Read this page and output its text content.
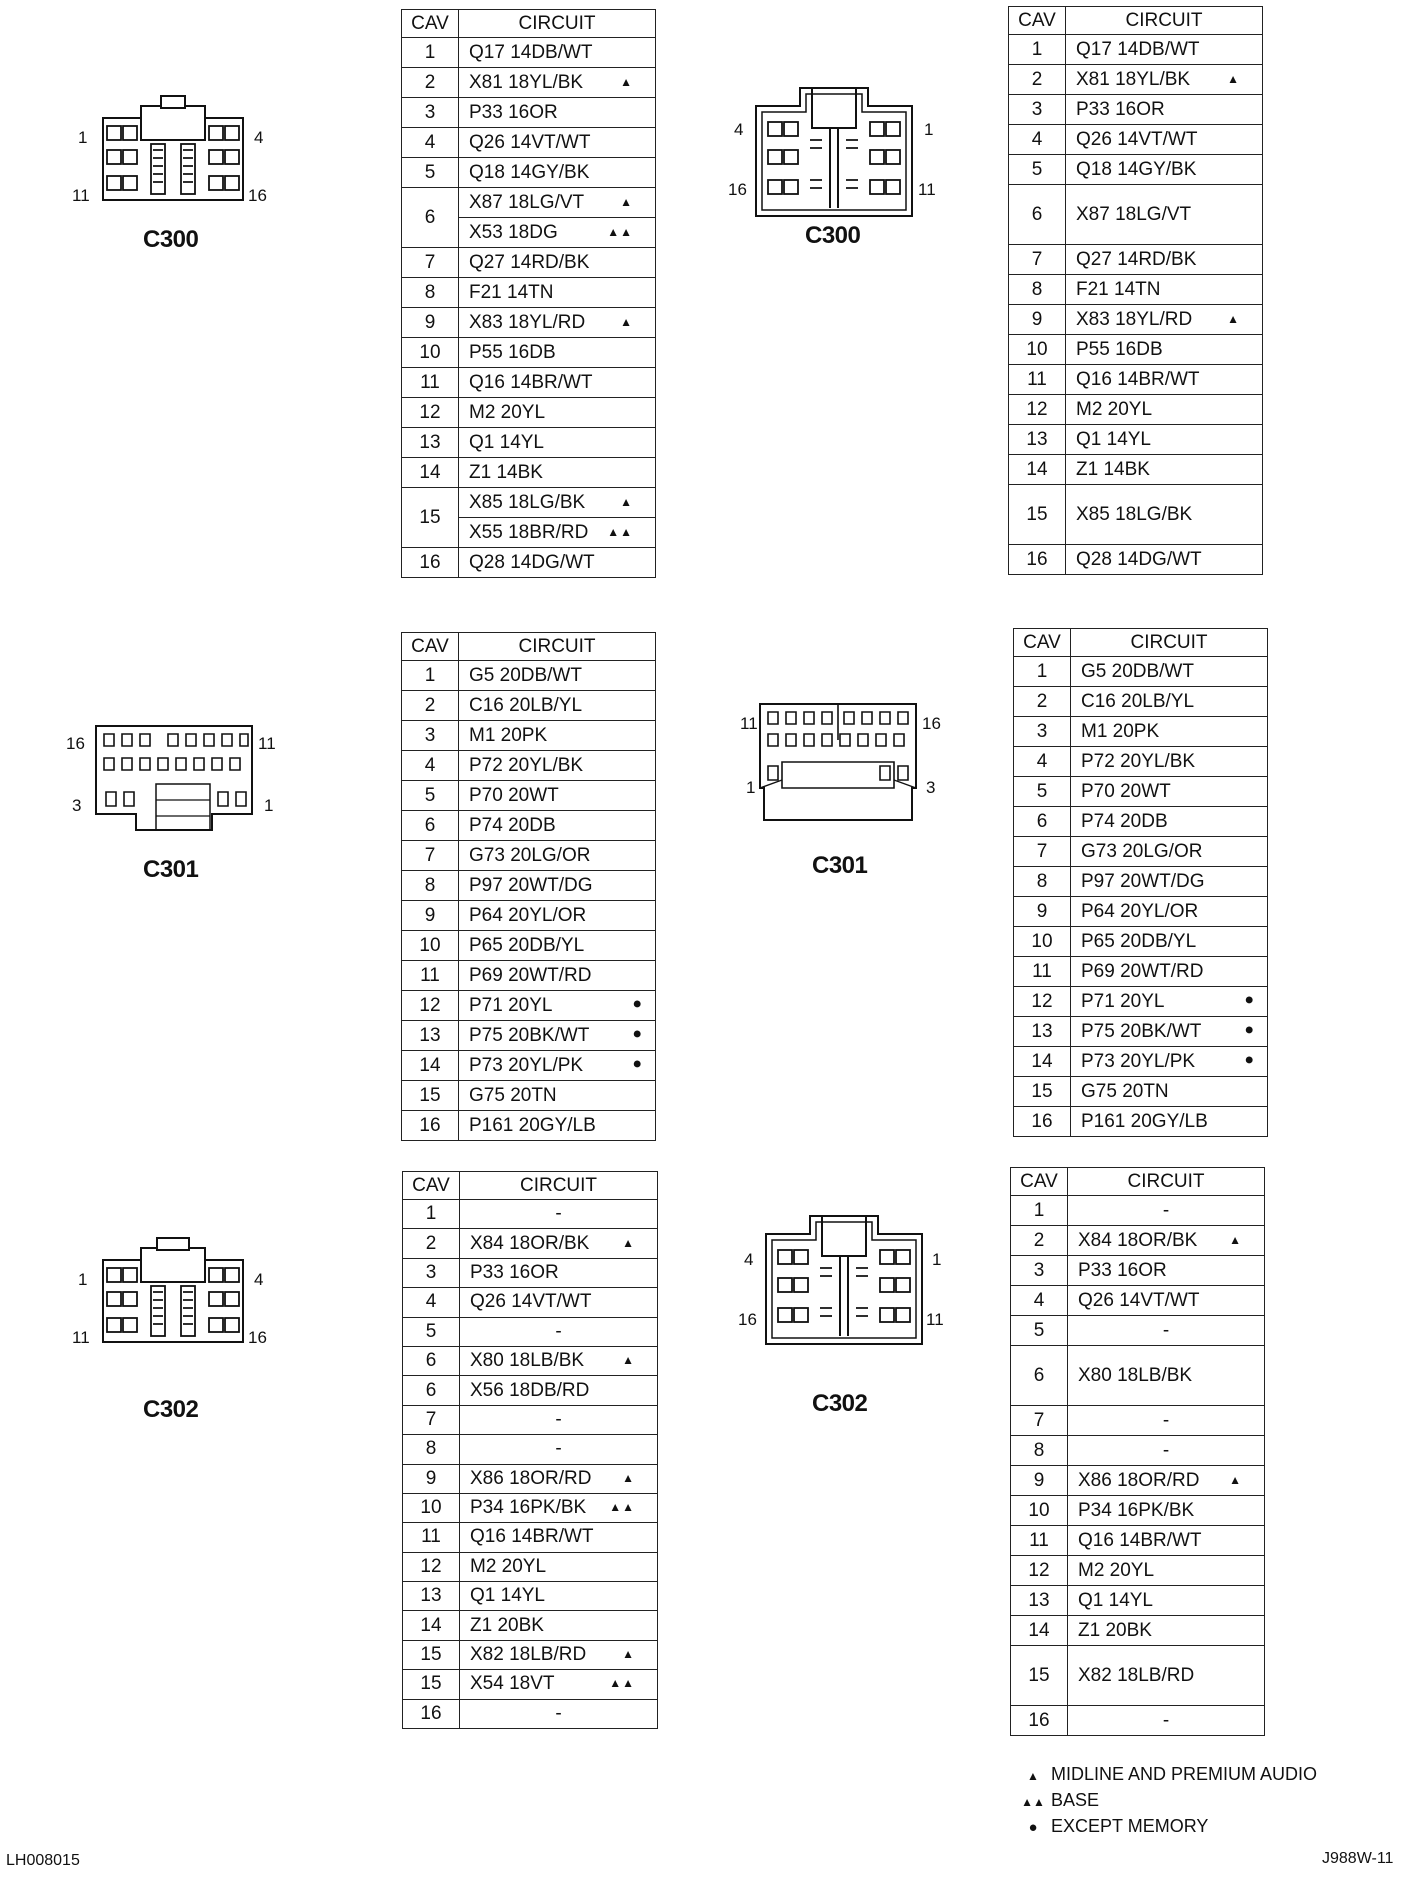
1	4
11	16
C300
4	1
16	11
C300
16	11
3	1
C301
11	16
1	3
C301
1	4
11	16
C302
4	1
16	11
C302
CAV	CIRCUIT
1	Q17 14DB/WT
2	X81 18YL/BK ▲

3	P33 16OR
4	Q26 14VT/WT
5	Q18 14GY/BK
6	X87 18LG/VT ▲

	X53 18DG ▲▲

7	Q27 14RD/BK
8	F21 14TN
9	X83 18YL/RD ▲

10	P55 16DB
11	Q16 14BR/WT
12	M2 20YL
13	Q1 14YL
14	Z1 14BK
15	X85 18LG/BK ▲

	X55 18BR/RD ▲▲

16	Q28 14DG/WT
CAV	CIRCUIT
1	Q17 14DB/WT
2	X81 18YL/BK ▲

3	P33 16OR
4	Q26 14VT/WT
5	Q18 14GY/BK
6	X87 18LG/VT
7	Q27 14RD/BK
8	F21 14TN
9	X83 18YL/RD ▲

10	P55 16DB
11	Q16 14BR/WT
12	M2 20YL
13	Q1 14YL
14	Z1 14BK
15	X85 18LG/BK
16	Q28 14DG/WT
CAV	CIRCUIT
1	G5 20DB/WT
2	C16 20LB/YL
3	M1 20PK
4	P72 20YL/BK
5	P70 20WT
6	P74 20DB
7	G73 20LG/OR
8	P97 20WT/DG
9	P64 20YL/OR
10	P65 20DB/YL
11	P69 20WT/RD
12	P71 20YL ●

13	P75 20BK/WT ●

14	P73 20YL/PK ●

15	G75 20TN
16	P161 20GY/LB
CAV	CIRCUIT
1	G5 20DB/WT
2	C16 20LB/YL
3	M1 20PK
4	P72 20YL/BK
5	P70 20WT
6	P74 20DB
7	G73 20LG/OR
8	P97 20WT/DG
9	P64 20YL/OR
10	P65 20DB/YL
11	P69 20WT/RD
12	P71 20YL ●

13	P75 20BK/WT ●

14	P73 20YL/PK ●

15	G75 20TN
16	P161 20GY/LB
CAV	CIRCUIT
1	-
2	X84 18OR/BK ▲

3	P33 16OR
4	Q26 14VT/WT
5	-
6	X80 18LB/BK ▲

6	X56 18DB/RD
7	-
8	-
9	X86 18OR/RD ▲

10	P34 16PK/BK ▲▲

11	Q16 14BR/WT
12	M2 20YL
13	Q1 14YL
14	Z1 20BK
15	X82 18LB/RD ▲

15	X54 18VT ▲▲

16	-
CAV	CIRCUIT
1	-
2	X84 18OR/BK ▲

3	P33 16OR
4	Q26 14VT/WT
5	-
6	X80 18LB/BK
7	-
8	-
9	X86 18OR/RD ▲

10	P34 16PK/BK
11	Q16 14BR/WT
12	M2 20YL
13	Q1 14YL
14	Z1 20BK
15	X82 18LB/RD
16	-
▲ MIDLINE AND PREMIUM AUDIO
▲▲ BASE
● EXCEPT MEMORY
LH008015	J988W-11
